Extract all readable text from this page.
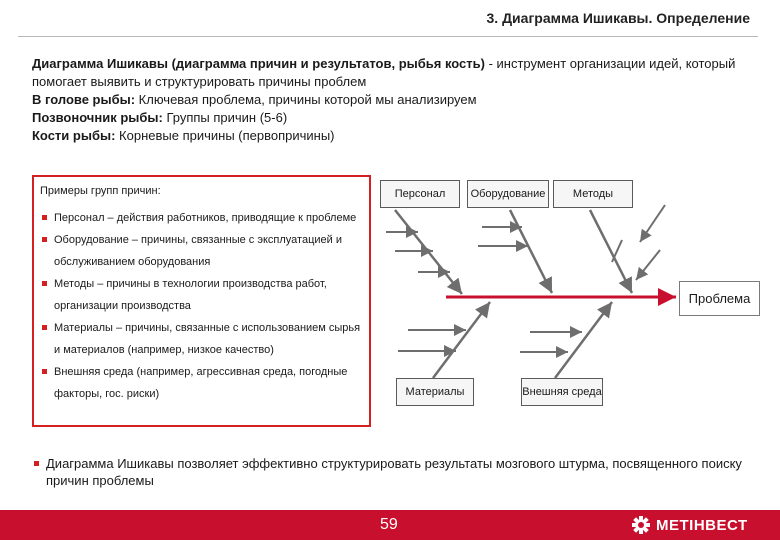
3. Диаграмма Ишикавы. Определение

Диаграмма Ишикавы (диаграмма причин и результатов, рыбья кость) - инструмент организации идей, который помогает выявить и структурировать причины проблем

В голове рыбы: Ключевая проблема, причины которой мы анализируем

Позвоночник рыбы: Группы причин (5-6)

Кости рыбы: Корневые причины (первопричины)

Примеры групп причин:
Персонал – действия работников, приводящие к проблеме
Оборудование – причины, связанные с эксплуатацией и обслуживанием оборудования
Методы – причины в технологии производства работ, организации производства
Материалы – причины, связанные с использованием сырья и материалов (например, низкое качество)
Внешняя среда (например, агрессивная среда, погодные факторы, гос. риски)
Персонал	Оборудование	Методы
Материалы	Внешняя среда
Проблема
Диаграмма Ишикавы позволяет эффективно структурировать результаты мозгового штурма, посвященного поиску причин проблемы
59	МЕТІНВЕСТ
